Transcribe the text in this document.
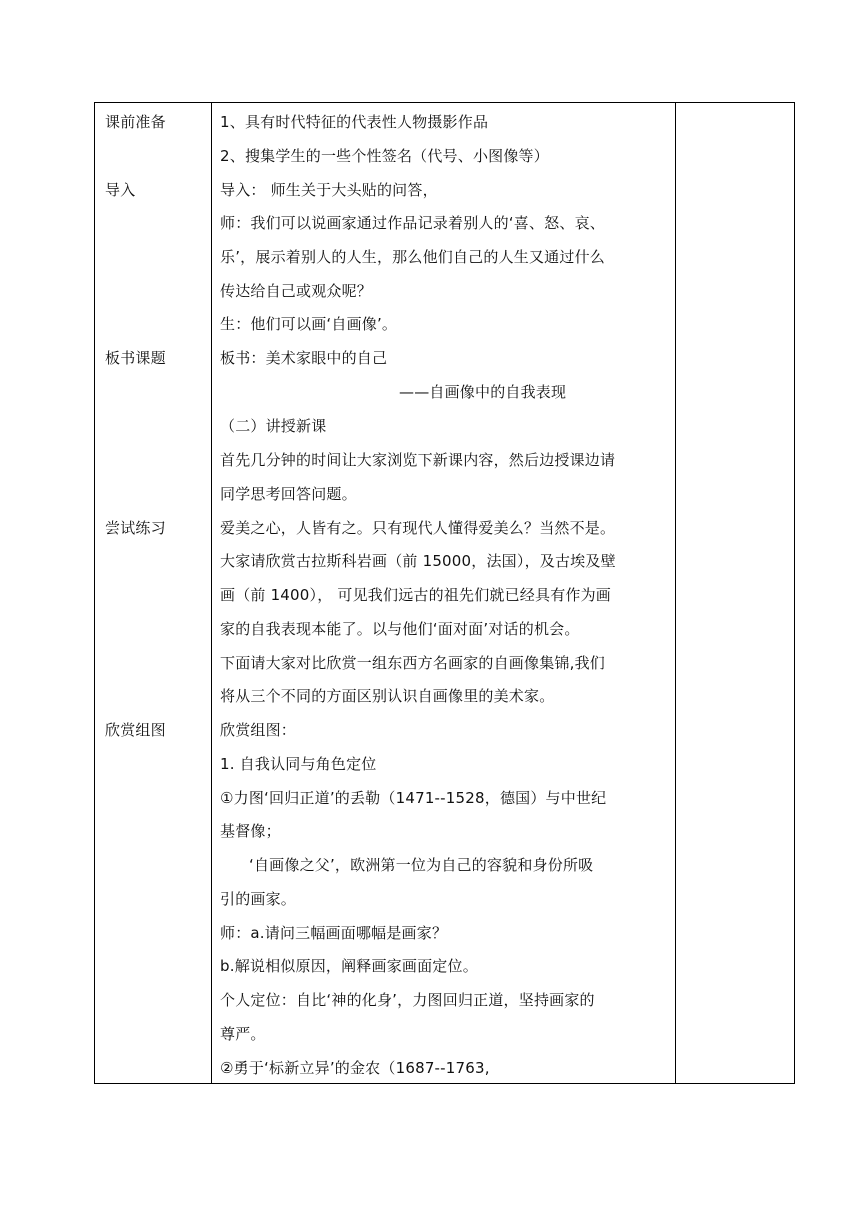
课前准备
导入
板书课题
尝试练习
欣赏组图
1、具有时代特征的代表性人物摄影作品
2、搜集学生的一些个性签名（代号、小图像等）
导入： 师生关于大头贴的问答，
师：我们可以说画家通过作品记录着别人的‘喜、怒、哀、
乐’，展示着别人的人生，那么他们自己的人生又通过什么
传达给自己或观众呢？
生：他们可以画‘自画像’。
板书：美术家眼中的自己
——自画像中的自我表现
（二）讲授新课
首先几分钟的时间让大家浏览下新课内容，然后边授课边请
同学思考回答问题。
爱美之心，人皆有之。只有现代人懂得爱美么？当然不是。
大家请欣赏古拉斯科岩画（前 15000，法国），及古埃及壁
画（前 1400）， 可见我们远古的祖先们就已经具有作为画
家的自我表现本能了。以与他们‘面对面’对话的机会。
下面请大家对比欣赏一组东西方名画家的自画像集锦,我们
将从三个不同的方面区别认识自画像里的美术家。
欣赏组图：
1. 自我认同与角色定位
①力图‘回归正道’的丢勒（1471--1528，德国）与中世纪
基督像；
‘自画像之父’，欧洲第一位为自己的容貌和身份所吸
引的画家。
师：a.请问三幅画面哪幅是画家？
b.解说相似原因，阐释画家画面定位。
个人定位：自比‘神的化身’，力图回归正道，坚持画家的
尊严。
②勇于‘标新立异’的金农（1687--1763,
